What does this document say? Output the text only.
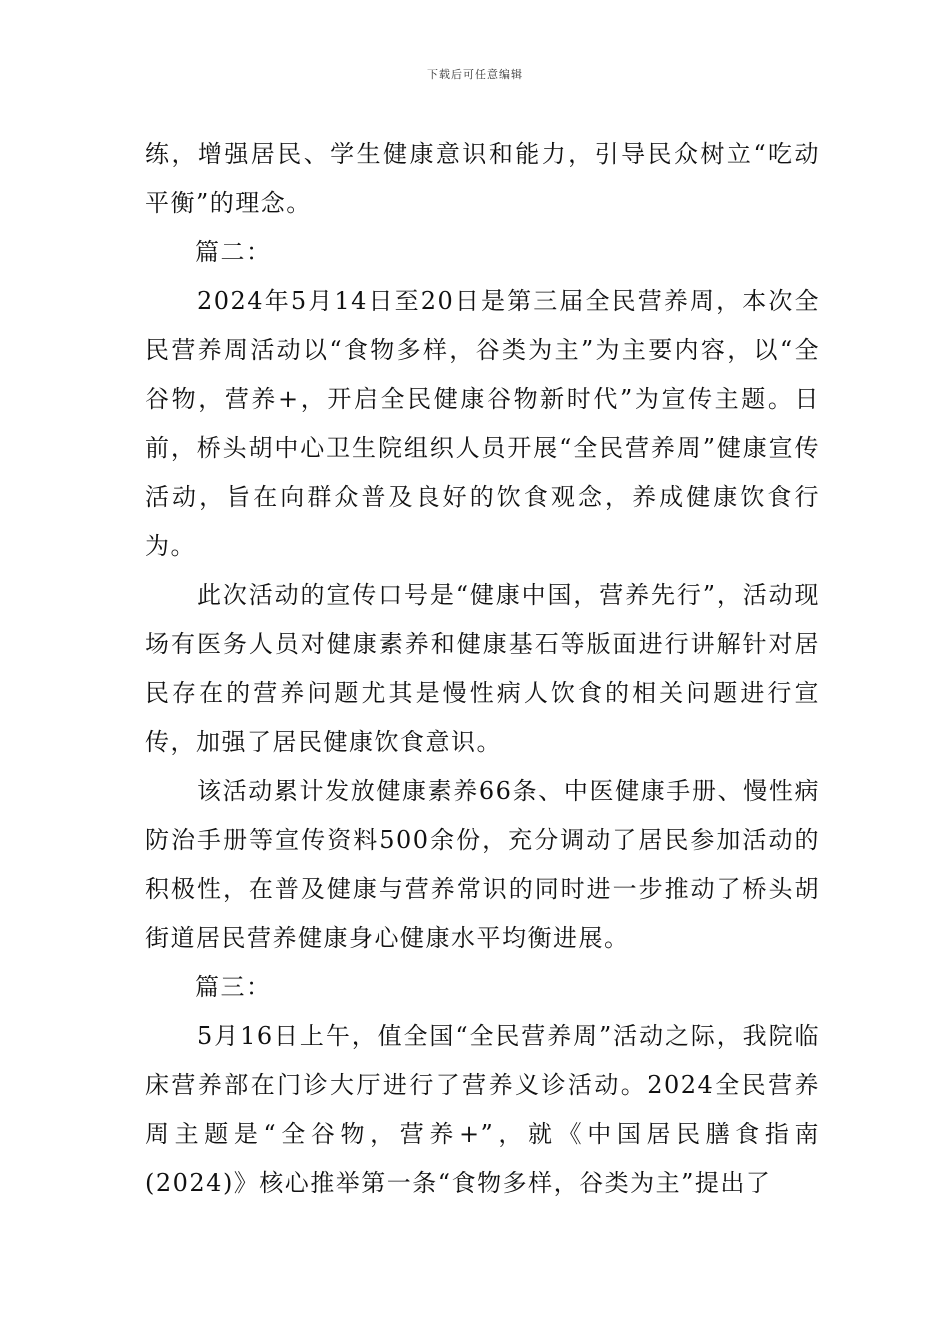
下载后可任意编辑

练，增强居民、学生健康意识和能力，引导民众树立“吃动平衡”的理念。

篇二：

2024年5月14日至20日是第三届全民营养周，本次全民营养周活动以“食物多样，谷类为主”为主要内容，以“全谷物，营养+，开启全民健康谷物新时代”为宣传主题。日前，桥头胡中心卫生院组织人员开展“全民营养周”健康宣传活动，旨在向群众普及良好的饮食观念，养成健康饮食行为。

此次活动的宣传口号是“健康中国，营养先行”，活动现场有医务人员对健康素养和健康基石等版面进行讲解针对居民存在的营养问题尤其是慢性病人饮食的相关问题进行宣传，加强了居民健康饮食意识。

该活动累计发放健康素养66条、中医健康手册、慢性病防治手册等宣传资料500余份，充分调动了居民参加活动的积极性，在普及健康与营养常识的同时进一步推动了桥头胡街道居民营养健康身心健康水平均衡进展。

篇三：

5月16日上午，值全国“全民营养周”活动之际，我院临床营养部在门诊大厅进行了营养义诊活动。2024全民营养周主题是“全谷物，营养+”，就《中国居民膳食指南(2024)》核心推举第一条“食物多样，谷类为主”提出了
